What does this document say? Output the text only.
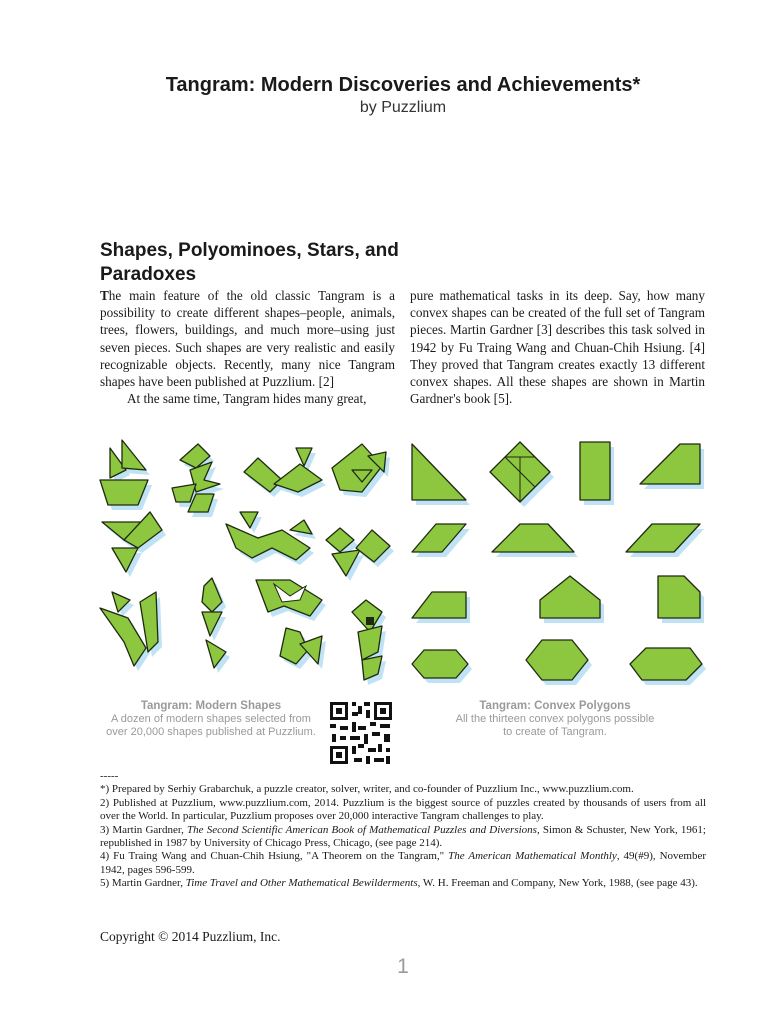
Tangram: Modern Discoveries and Achievements*
by Puzzlium
Shapes, Polyominoes, Stars, and Paradoxes

The main feature of the old classic Tangram is a possibility to create different shapes–people, animals, trees, flowers, buildings, and much more–using just seven pieces. Such shapes are very realistic and easily recognizable objects. Recently, many nice Tangram shapes have been published at Puzzlium. [2]

At the same time, Tangram hides many great,

pure mathematical tasks in its deep. Say, how many convex shapes can be created of the full set of Tangram pieces. Martin Gardner [3] describes this task solved in 1942 by Fu Traing Wang and Chuan-Chih Hsiung. [4] They proved that Tangram creates exactly 13 different convex shapes. All these shapes are shown in Martin Gardner's book [5].

Tangram: Modern Shapes
A dozen of modern shapes selected from
over 20,000 shapes published at Puzzlium.
Tangram: Convex Polygons
All the thirteen convex polygons possible
to create of Tangram.

-----

*) Prepared by Serhiy Grabarchuk, a puzzle creator, solver, writer, and co-founder of Puzzlium Inc., www.puzzlium.com.

2) Published at Puzzlium, www.puzzlium.com, 2014. Puzzlium is the biggest source of puzzles created by thousands of users from all over the World. In particular, Puzzlium proposes over 20,000 interactive Tangram challenges to play.

3) Martin Gardner, The Second Scientific American Book of Mathematical Puzzles and Diversions, Simon & Schuster, New York, 1961; republished in 1987 by University of Chicago Press, Chicago, (see page 214).

4) Fu Traing Wang and Chuan-Chih Hsiung, "A Theorem on the Tangram," The American Mathematical Monthly, 49(#9), November 1942, pages 596-599.

5) Martin Gardner, Time Travel and Other Mathematical Bewilderments, W. H. Freeman and Company, New York, 1988, (see page 43).

Copyright © 2014 Puzzlium, Inc.
1
